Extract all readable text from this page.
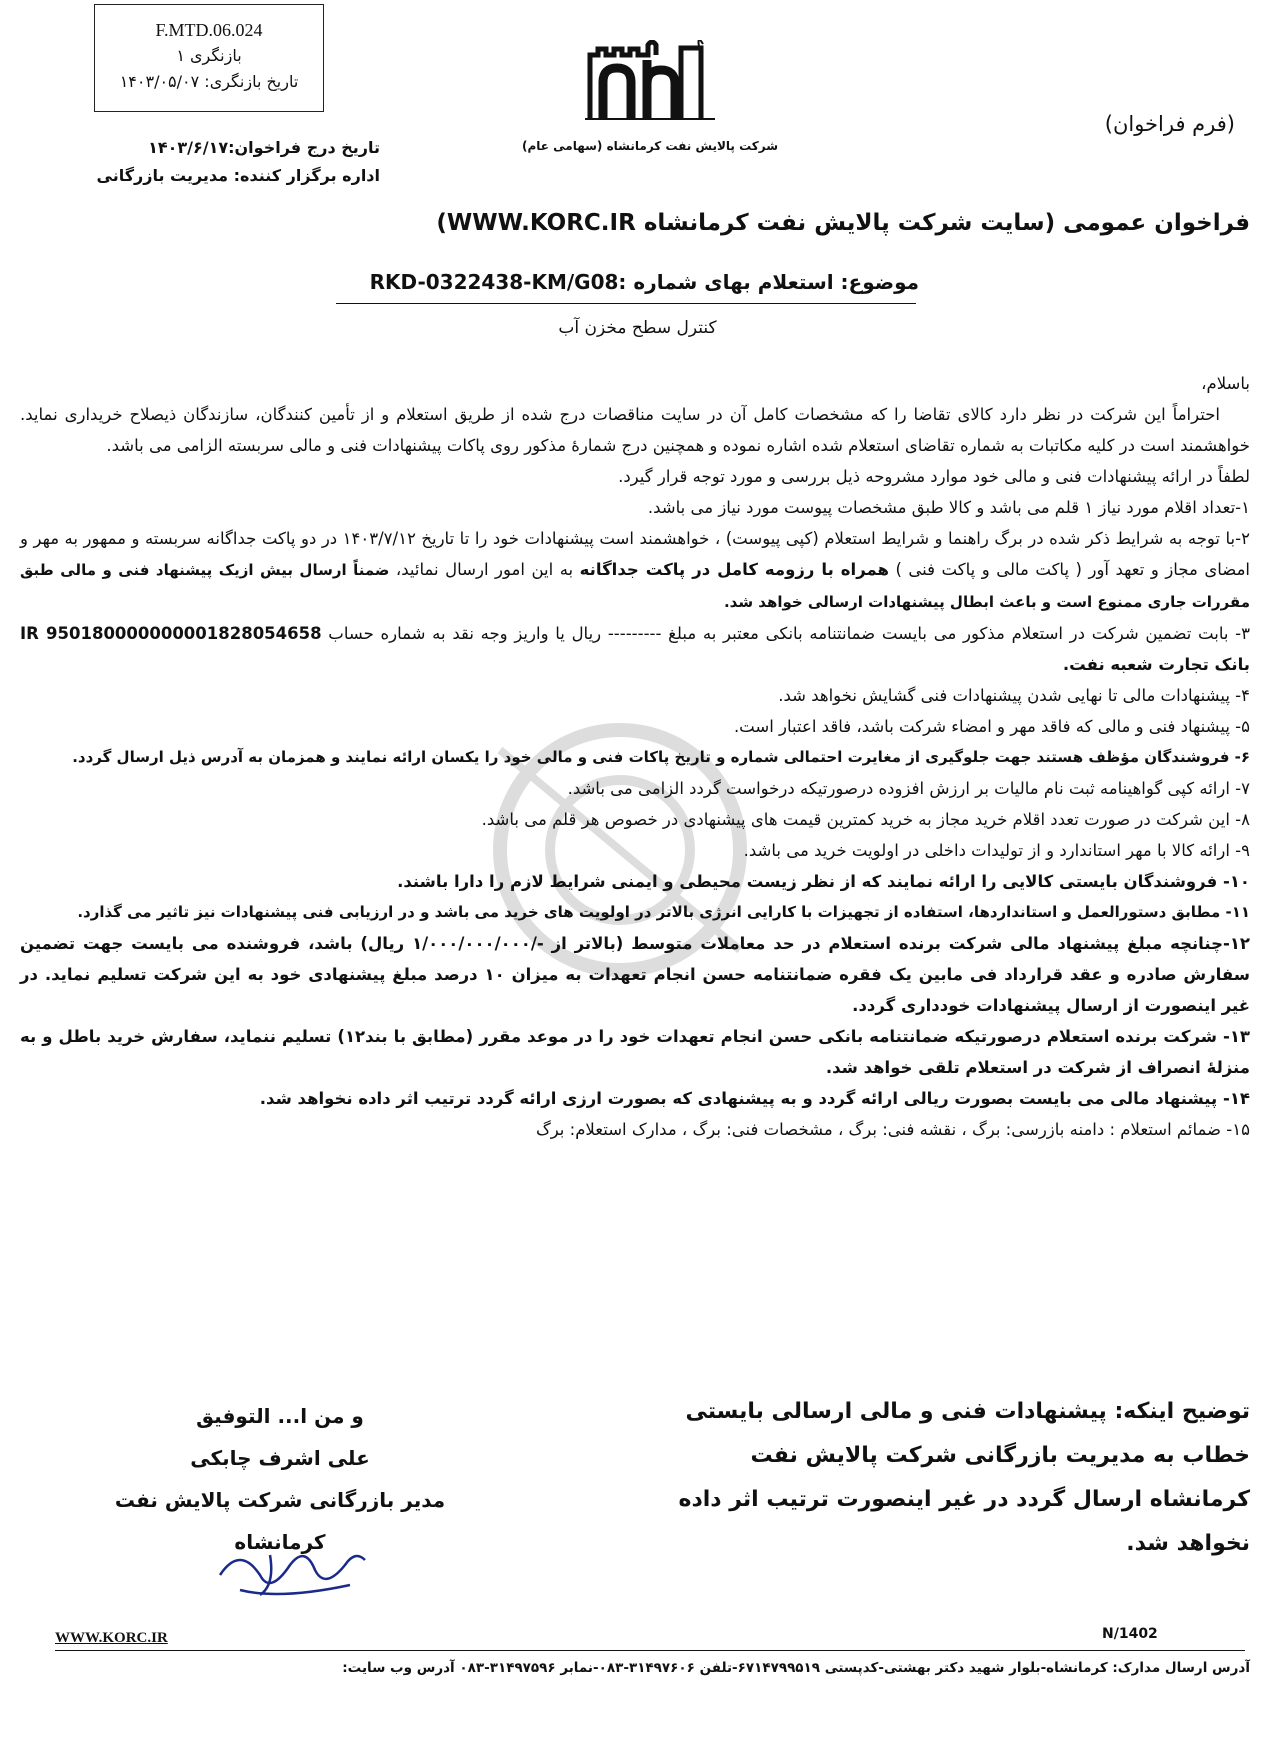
F.MTD.06.024
بازنگری ۱
تاریخ بازنگری: ۱۴۰۳/۰۵/۰۷
شرکت پالایش نفت کرمانشاه (سهامی عام)
(فرم فراخوان)
تاریخ درج فراخوان:۱۴۰۳/۶/۱۷
اداره برگزار کننده: مدیریت بازرگانی
فراخوان عمومی (سایت شرکت پالایش نفت کرمانشاه WWW.KORC.IR)
موضوع: استعلام بهای شماره :RKD-0322438-KM/G08
کنترل سطح مخزن آب

باسلام،

احتراماً این شرکت در نظر دارد کالای تقاضا را که مشخصات کامل آن در سایت مناقصات درج شده از طریق استعلام و از تأمین کنندگان، سازندگان ذیصلاح خریداری نماید. خواهشمند است در کلیه مکاتبات به شماره تقاضای استعلام شده اشاره نموده و همچنین درج شمارهٔ مذکور روی پاکات پیشنهادات فنی و مالی سربسته الزامی می باشد.

لطفاً در ارائه پیشنهادات فنی و مالی خود موارد مشروحه ذیل بررسی و مورد توجه قرار گیرد.

۱-تعداد اقلام مورد نیاز ۱ قلم می باشد و کالا طبق مشخصات پیوست مورد نیاز می باشد.

۲-با توجه به شرایط ذکر شده در برگ راهنما و شرایط استعلام (کپی پیوست) ، خواهشمند است پیشنهادات خود را تا تاریخ ۱۴۰۳/۷/۱۲ در دو پاکت جداگانه سربسته و ممهور به مهر و امضای مجاز و تعهد آور ( پاکت مالی و پاکت فنی ) همراه با رزومه کامل در پاکت جداگانه به این امور ارسال نمائید، ضمناً ارسال بیش ازیک پیشنهاد فنی و مالی طبق مقررات جاری ممنوع است و باعث ابطال پیشنهادات ارسالی خواهد شد.

۳- بابت تضمین شرکت در استعلام مذکور می بایست ضمانتنامه بانکی معتبر به مبلغ --------- ریال یا واریز وجه نقد به شماره حساب IR 950180000000001828054658 بانک تجارت شعبه نفت.

۴- پیشنهادات مالی تا نهایی شدن پیشنهادات فنی گشایش نخواهد شد.

۵- پیشنهاد فنی و مالی که فاقد مهر و امضاء شرکت باشد، فاقد اعتبار است.

۶- فروشندگان مؤظف هستند جهت جلوگیری از مغایرت احتمالی شماره و تاریخ پاکات فنی و مالی خود را یکسان ارائه نمایند و همزمان به آدرس ذیل ارسال گردد.

۷- ارائه کپی گواهینامه ثبت نام مالیات بر ارزش افزوده درصورتیکه درخواست گردد الزامی می باشد.

۸- این شرکت در صورت تعدد اقلام خرید مجاز به خرید کمترین قیمت های پیشنهادی در خصوص هر قلم می باشد.

۹- ارائه کالا با مهر استاندارد و از تولیدات داخلی در اولویت خرید می باشد.

۱۰- فروشندگان بایستی کالایی را ارائه نمایند که از نظر زیست محیطی و ایمنی شرایط لازم را دارا باشند.

۱۱- مطابق دستورالعمل و استانداردها، استفاده از تجهیزات با کارایی انرژی بالاتر در اولویت های خرید می باشد و در ارزیابی فنی پیشنهادات نیز تاثیر می گذارد.

۱۲-چنانچه مبلغ پیشنهاد مالی شرکت برنده استعلام در حد معاملات متوسط (بالاتر از -/۱/۰۰۰/۰۰۰/۰۰۰ ریال) باشد، فروشنده می بایست جهت تضمین سفارش صادره و عقد قرارداد فی مابین یک فقره ضمانتنامه حسن انجام تعهدات به میزان ۱۰ درصد مبلغ پیشنهادی خود به این شرکت تسلیم نماید. در غیر اینصورت از ارسال پیشنهادات خودداری گردد.

۱۳- شرکت برنده استعلام درصورتیکه ضمانتنامه بانکی حسن انجام تعهدات خود را در موعد مقرر (مطابق با بند۱۲) تسلیم ننماید، سفارش خرید باطل و به منزلهٔ انصراف از شرکت در استعلام تلقی خواهد شد.

۱۴- پیشنهاد مالی می بایست بصورت ریالی ارائه گردد و به پیشنهادی که بصورت ارزی ارائه گردد ترتیب اثر داده نخواهد شد.

۱۵- ضمائم استعلام : دامنه بازرسی: برگ ، نقشه فنی: برگ ، مشخصات فنی: برگ ، مدارک استعلام: برگ

توضیح اینکه: پیشنهادات فنی و مالی ارسالی بایستی خطاب به مدیریت بازرگانی شرکت پالایش نفت کرمانشاه ارسال گردد در غیر اینصورت ترتیب اثر داده نخواهد شد.
و من ا... التوفیق
علی اشرف چابکی
مدیر بازرگانی شرکت پالایش نفت کرمانشاه
N/1402
WWW.KORC.IR
آدرس ارسال مدارک: کرمانشاه-بلوار شهید دکتر بهشتی-کدپستی ۶۷۱۴۷۹۹۵۱۹-تلفن ۳۱۴۹۷۶۰۶-۰۸۳-نمابر ۳۱۴۹۷۵۹۶-۰۸۳ آدرس وب سایت:
